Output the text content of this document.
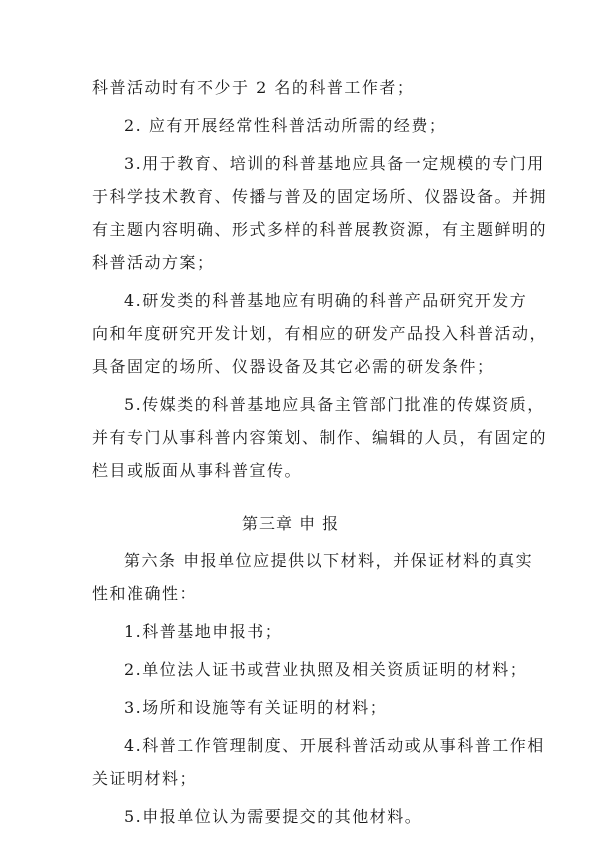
科普活动时有不少于 2 名的科普工作者；
2. 应有开展经常性科普活动所需的经费；
3.用于教育、培训的科普基地应具备一定规模的专门用
于科学技术教育、传播与普及的固定场所、仪器设备。并拥
有主题内容明确、形式多样的科普展教资源，有主题鲜明的
科普活动方案；
4.研发类的科普基地应有明确的科普产品研究开发方
向和年度研究开发计划，有相应的研发产品投入科普活动，
具备固定的场所、仪器设备及其它必需的研发条件；
5.传媒类的科普基地应具备主管部门批准的传媒资质，
并有专门从事科普内容策划、制作、编辑的人员，有固定的
栏目或版面从事科普宣传。
第三章 申 报
第六条 申报单位应提供以下材料，并保证材料的真实
性和准确性：
1.科普基地申报书；
2.单位法人证书或营业执照及相关资质证明的材料；
3.场所和设施等有关证明的材料；
4.科普工作管理制度、开展科普活动或从事科普工作相
关证明材料；
5.申报单位认为需要提交的其他材料。
